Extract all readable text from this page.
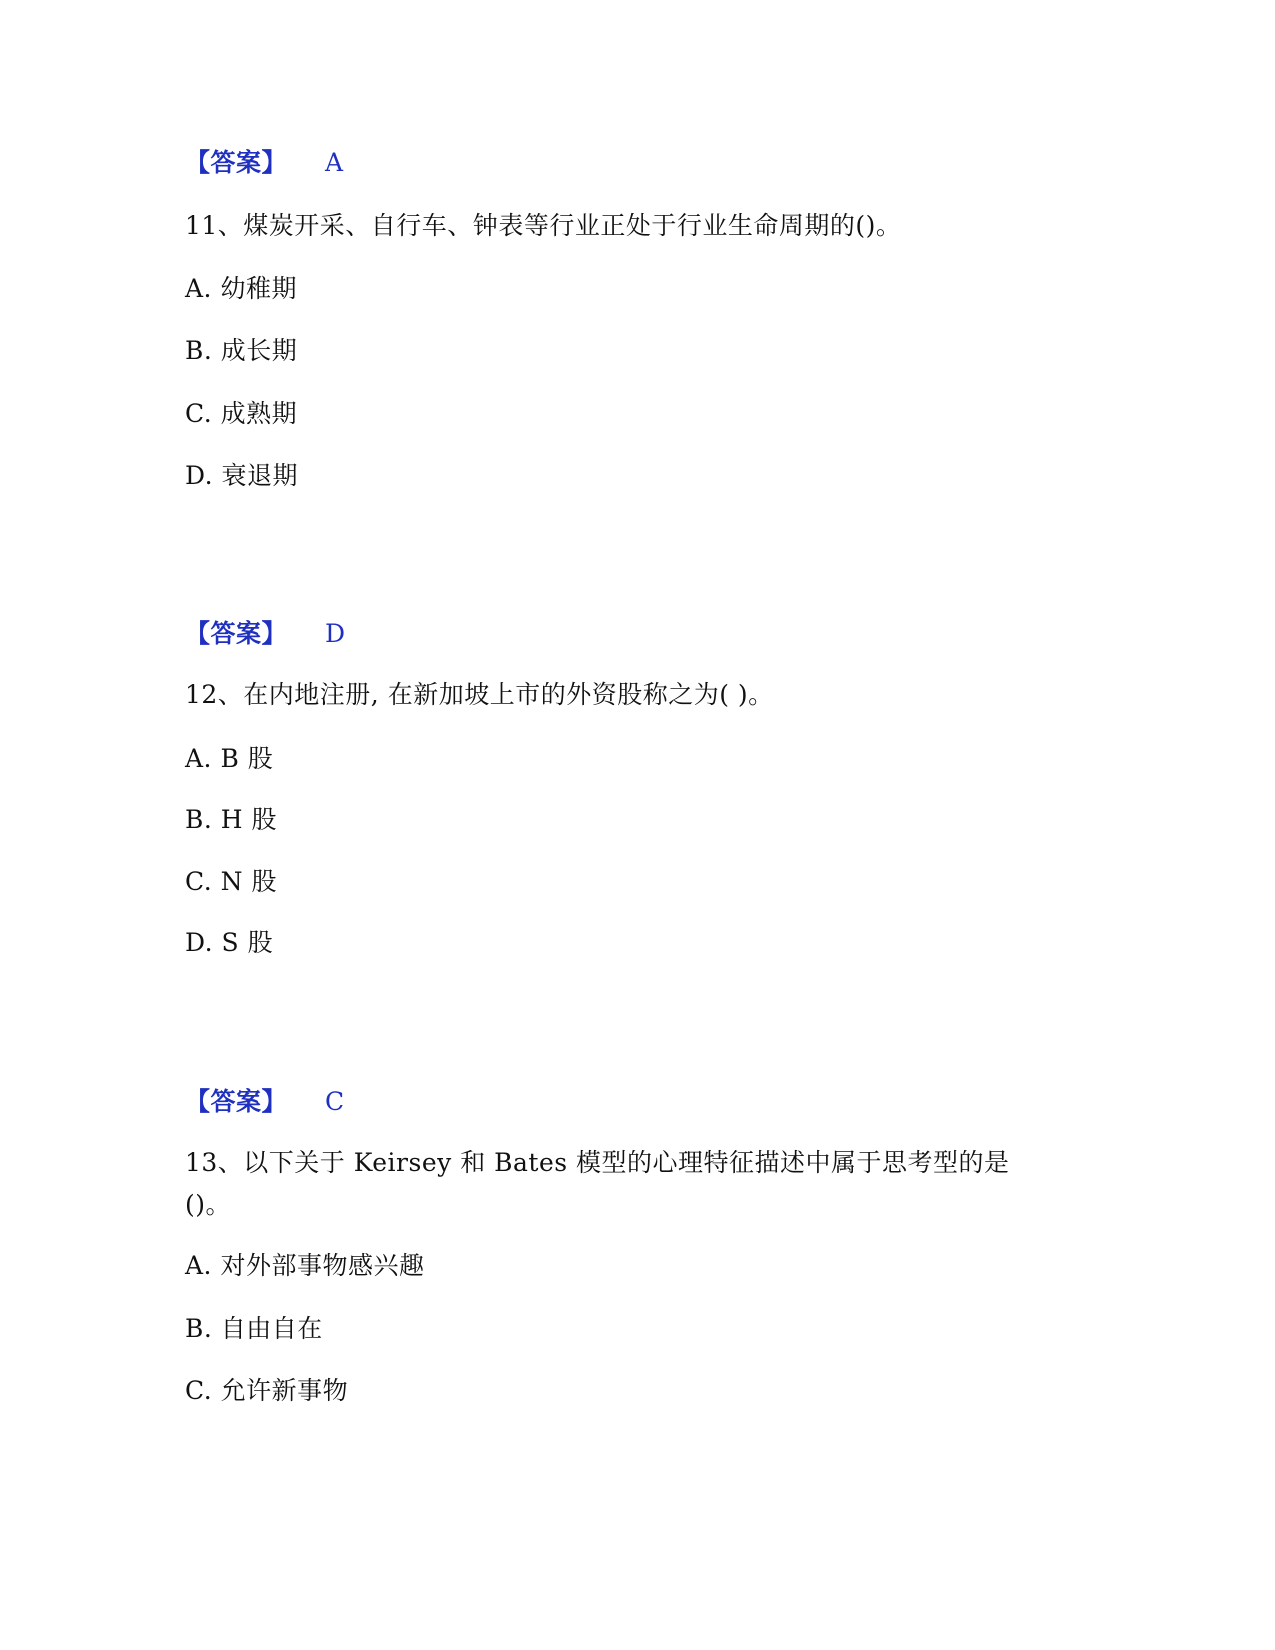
【答案】 A
11、煤炭开采、自行车、钟表等行业正处于行业生命周期的()。
A. 幼稚期
B. 成长期
C. 成熟期
D. 衰退期
【答案】 D
12、在内地注册, 在新加坡上市的外资股称之为( )。
A. B 股
B. H 股
C. N 股
D. S 股
【答案】 C
13、以下关于 Keirsey 和 Bates 模型的心理特征描述中属于思考型的是
()。
A. 对外部事物感兴趣
B. 自由自在
C. 允许新事物
